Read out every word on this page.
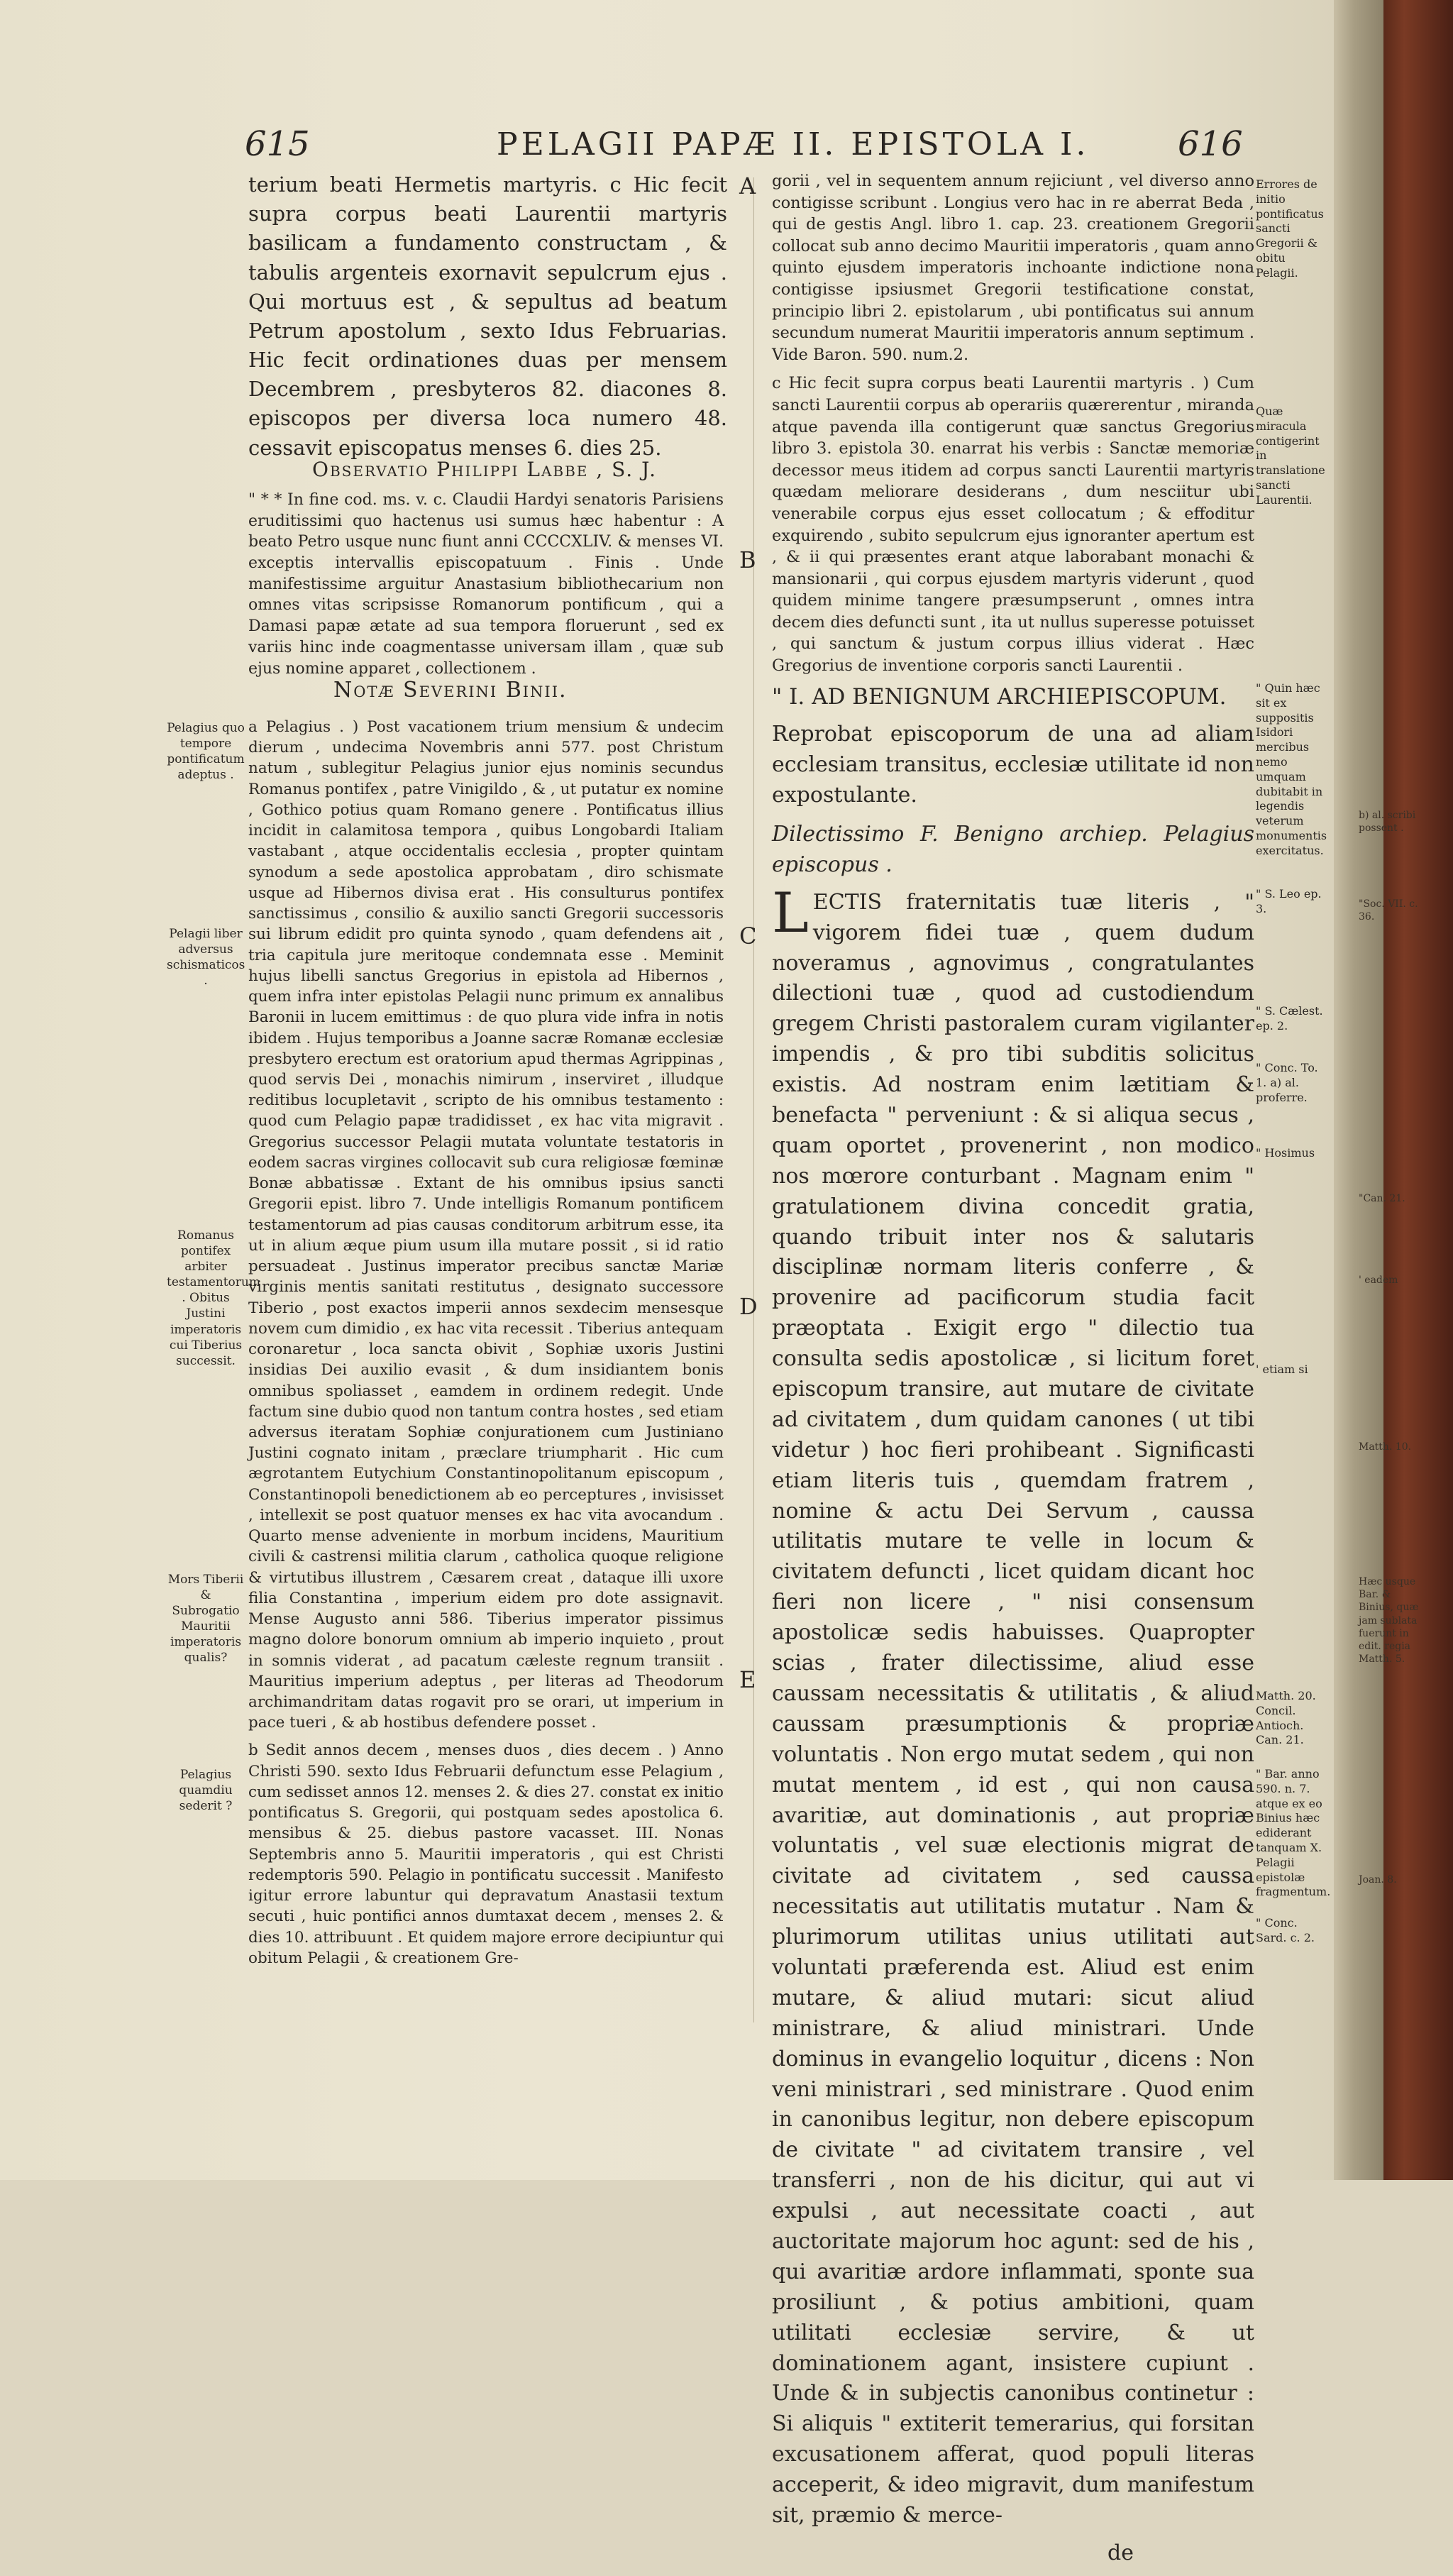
615	PELAGII PAPÆ II. EPISTOLA I.	616
terium beati Hermetis martyris. c Hic fecit supra corpus beati Laurentii martyris basilicam a fundamento constructam , & tabulis argenteis exornavit sepulcrum ejus . Qui mortuus est , & sepultus ad beatum Petrum apostolum , sexto Idus Februarias. Hic fecit ordinationes duas per mensem Decembrem , presbyteros 82. diacones 8. episcopos per diversa loca numero 48. cessavit episcopatus menses 6. dies 25.
Observatio Philippi Labbe , S. J.
" * * In fine cod. ms. v. c. Claudii Hardyi senatoris Parisiens eruditissimi quo hactenus usi sumus hæc habentur : A beato Petro usque nunc fiunt anni CCCCXLIV. & menses VI. exceptis intervallis episcopatuum . Finis . Unde manifestissime arguitur Anastasium bibliothecarium non omnes vitas scripsisse Romanorum pontificum , qui a Damasi papæ ætate ad sua tempora floruerunt , sed ex variis hinc inde coagmentasse universam illam , quæ sub ejus nomine apparet , collectionem .
Notæ Severini Binii.

a Pelagius . ) Post vacationem trium mensium & undecim dierum , undecima Novembris anni 577. post Christum natum , sublegitur Pelagius junior ejus nominis secundus Romanus pontifex , patre Vinigildo , & , ut putatur ex nomine , Gothico potius quam Romano genere . Pontificatus illius incidit in calamitosa tempora , quibus Longobardi Italiam vastabant , atque occidentalis ecclesia , propter quintam synodum a sede apostolica approbatam , diro schismate usque ad Hibernos divisa erat . His consulturus pontifex sanctissimus , consilio & auxilio sancti Gregorii successoris sui librum edidit pro quinta synodo , quam defendens ait , tria capitula jure meritoque condemnata esse . Meminit hujus libelli sanctus Gregorius in epistola ad Hibernos , quem infra inter epistolas Pelagii nunc primum ex annalibus Baronii in lucem emittimus : de quo plura vide infra in notis ibidem . Hujus temporibus a Joanne sacræ Romanæ ecclesiæ presbytero erectum est oratorium apud thermas Agrippinas , quod servis Dei , monachis nimirum , inserviret , illudque reditibus locupletavit , scripto de his omnibus testamento : quod cum Pelagio papæ tradidisset , ex hac vita migravit . Gregorius successor Pelagii mutata voluntate testatoris in eodem sacras virgines collocavit sub cura religiosæ fœminæ Bonæ abbatissæ . Extant de his omnibus ipsius sancti Gregorii epist. libro 7. Unde intelligis Romanum pontificem testamentorum ad pias causas conditorum arbitrum esse, ita ut in alium æque pium usum illa mutare possit , si id ratio persuadeat . Justinus imperator precibus sanctæ Mariæ virginis mentis sanitati restitutus , designato successore Tiberio , post exactos imperii annos sexdecim mensesque novem cum dimidio , ex hac vita recessit . Tiberius antequam coronaretur , loca sancta obivit , Sophiæ uxoris Justini insidias Dei auxilio evasit , & dum insidiantem bonis omnibus spoliasset , eamdem in ordinem redegit. Unde factum sine dubio quod non tantum contra hostes , sed etiam adversus iteratam Sophiæ conjurationem cum Justiniano Justini cognato initam , præclare triumpharit . Hic cum ægrotantem Eutychium Constantinopolitanum episcopum , Constantinopoli benedictionem ab eo perceptures , invisisset , intellexit se post quatuor menses ex hac vita avocandum . Quarto mense adveniente in morbum incidens, Mauritium civili & castrensi militia clarum , catholica quoque religione & virtutibus illustrem , Cæsarem creat , dataque illi uxore filia Constantina , imperium eidem pro dote assignavit. Mense Augusto anni 586. Tiberius imperator pissimus magno dolore bonorum omnium ab imperio inquieto , prout in somnis viderat , ad pacatum cæleste regnum transiit . Mauritius imperium adeptus , per literas ad Theodorum archimandritam datas rogavit pro se orari, ut imperium in pace tueri , & ab hostibus defendere posset .

b Sedit annos decem , menses duos , dies decem . ) Anno Christi 590. sexto Idus Februarii defunctum esse Pelagium , cum sedisset annos 12. menses 2. & dies 27. constat ex initio pontificatus S. Gregorii, qui postquam sedes apostolica 6. mensibus & 25. diebus pastore vacasset. III. Nonas Septembris anno 5. Mauritii imperatoris , qui est Christi redemptoris 590. Pelagio in pontificatu successit . Manifesto igitur errore labuntur qui depravatum Anastasii textum secuti , huic pontifici annos dumtaxat decem , menses 2. & dies 10. attribuunt . Et quidem majore errore decipiuntur qui obitum Pelagii , & creationem Gre-

Pelagius quo tempore pontificatum adeptus .
Pelagii liber adversus schismaticos .
Romanus pontifex arbiter testamentorum . Obitus Justini imperatoris cui Tiberius successit.
Mors Tiberii & Subrogatio Mauritii imperatoris qualis?
Pelagius quamdiu sederit ?
A
B
C
D
E

gorii , vel in sequentem annum rejiciunt , vel diverso anno contigisse scribunt . Longius vero hac in re aberrat Beda , qui de gestis Angl. libro 1. cap. 23. creationem Gregorii collocat sub anno decimo Mauritii imperatoris , quam anno quinto ejusdem imperatoris inchoante indictione nona contigisse ipsiusmet Gregorii testificatione constat, principio libri 2. epistolarum , ubi pontificatus sui annum secundum numerat Mauritii imperatoris annum septimum . Vide Baron. 590. num.2.

c Hic fecit supra corpus beati Laurentii martyris . ) Cum sancti Laurentii corpus ab operariis quærerentur , miranda atque pavenda illa contigerunt quæ sanctus Gregorius libro 3. epistola 30. enarrat his verbis : Sanctæ memoriæ decessor meus itidem ad corpus sancti Laurentii martyris quædam meliorare desiderans , dum nesciitur ubi venerabile corpus ejus esset collocatum ; & effoditur exquirendo , subito sepulcrum ejus ignoranter apertum est , & ii qui præsentes erant atque laborabant monachi & mansionarii , qui corpus ejusdem martyris viderunt , quod quidem minime tangere præsumpserunt , omnes intra decem dies defuncti sunt , ita ut nullus superesse potuisset , qui sanctum & justum corpus illius viderat . Hæc Gregorius de inventione corporis sancti Laurentii .

" I. AD BENIGNUM ARCHIEPISCOPUM.

Reprobat episcoporum de una ad aliam ecclesiam transitus, ecclesiæ utilitate id non expostulante.

Dilectissimo F. Benigno archiep. Pelagius episcopus .

LECTIS fraternitatis tuæ literis , " vigorem fidei tuæ , quem dudum noveramus , agnovimus , congratulantes dilectioni tuæ , quod ad custodiendum gregem Christi pastoralem curam vigilanter impendis , & pro tibi subditis solicitus existis. Ad nostram enim lætitiam & benefacta " perveniunt : & si aliqua secus , quam oportet , provenerint , non modico nos mœrore conturbant . Magnam enim " gratulationem divina concedit gratia, quando tribuit inter nos & salutaris disciplinæ normam literis conferre , & provenire ad pacificorum studia facit præoptata . Exigit ergo " dilectio tua consulta sedis apostolicæ , si licitum foret episcopum transire, aut mutare de civitate ad civitatem , dum quidam canones ( ut tibi videtur ) hoc fieri prohibeant . Significasti etiam literis tuis , quemdam fratrem , nomine & actu Dei Servum , caussa utilitatis mutare te velle in locum & civitatem defuncti , licet quidam dicant hoc fieri non licere , " nisi consensum apostolicæ sedis habuisses. Quapropter scias , frater dilectissime, aliud esse caussam necessitatis & utilitatis , & aliud caussam præsumptionis & propriæ voluntatis . Non ergo mutat sedem , qui non mutat mentem , id est , qui non causa avaritiæ, aut dominationis , aut propriæ voluntatis , vel suæ electionis migrat de civitate ad civitatem , sed caussa necessitatis aut utilitatis mutatur . Nam & plurimorum utilitas unius utilitati aut voluntati præferenda est. Aliud est enim mutare, & aliud mutari: sicut aliud ministrare, & aliud ministrari. Unde dominus in evangelio loquitur , dicens : Non veni ministrari , sed ministrare . Quod enim in canonibus legitur, non debere episcopum de civitate " ad civitatem transire , vel transferri , non de his dicitur, qui aut vi expulsi , aut necessitate coacti , aut auctoritate majorum hoc agunt: sed de his , qui avaritiæ ardore inflammati, sponte sua prosiliunt , & potius ambitioni, quam utilitati ecclesiæ servire, & ut dominationem agant, insistere cupiunt . Unde & in subjectis canonibus continetur : Si aliquis " extiterit temerarius, qui forsitan excusationem afferat, quod populi literas acceperit, & ideo migravit, dum manifestum sit, præmio & merce-

de

Errores de initio pontificatus sancti Gregorii & obitu Pelagii.
Quæ miracula contigerint in translatione sancti Laurentii.
" Quin hæc sit ex suppositis Isidori mercibus nemo umquam dubitabit in legendis veterum monumentis exercitatus.
" S. Leo ep. 3.
" S. Cælest. ep. 2.
" Conc. To. 1. a) al. proferre.
" Hosimus
' etiam si
Matth. 20. Concil. Antioch. Can. 21.
" Bar. anno 590. n. 7. atque ex eo Binius hæc ediderant tanquam X. Pelagii epistolæ fragmentum.
" Conc. Sard. c. 2.
b) al. scribi possent .
"Soc. VII. c. 36.
"Can. 21.
' eadem
Matth. 10.
Hæc usque Bar. & Binius, quæ jam sublata fuerunt in edit. regia Matth. 5.
Joan. 8.
